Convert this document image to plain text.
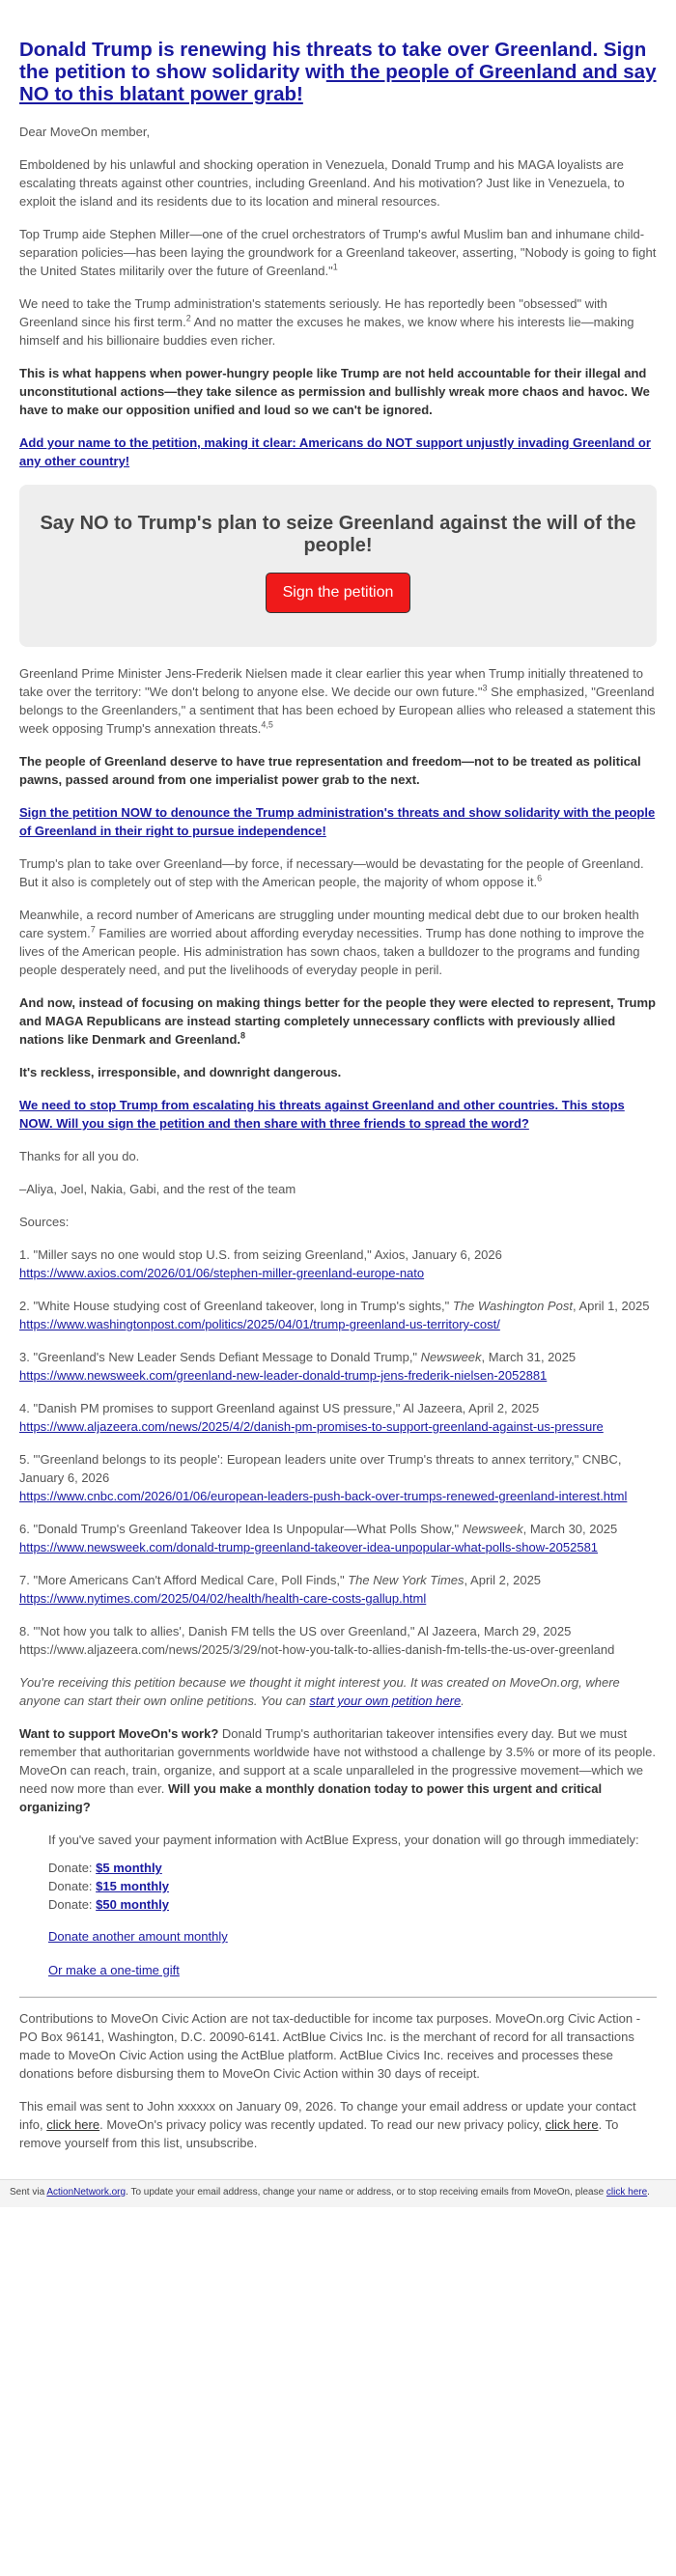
Donald Trump is renewing his threats to take over Greenland. Sign the petition to show solidarity with the people of Greenland and say NO to this blatant power grab!

Dear MoveOn member,

Emboldened by his unlawful and shocking operation in Venezuela, Donald Trump and his MAGA loyalists are escalating threats against other countries, including Greenland. And his motivation? Just like in Venezuela, to exploit the island and its residents due to its location and mineral resources.

Top Trump aide Stephen Miller—one of the cruel orchestrators of Trump's awful Muslim ban and inhumane child-separation policies—has been laying the groundwork for a Greenland takeover, asserting, "Nobody is going to fight the United States militarily over the future of Greenland."$^1$

We need to take the Trump administration's statements seriously. He has reportedly been "obsessed" with Greenland since his first term.$^2$ And no matter the excuses he makes, we know where his interests lie—making himself and his billionaire buddies even richer.

This is what happens when power-hungry people like Trump are not held accountable for their illegal and unconstitutional actions—they take silence as permission and bullishly wreak more chaos and havoc. We have to make our opposition unified and loud so we can't be ignored.

Add your name to the petition, making it clear: Americans do NOT support unjustly invading Greenland or any other country!

Say NO to Trump's plan to seize Greenland against the will of the people!
Sign the petition

Greenland Prime Minister Jens-Frederik Nielsen made it clear earlier this year when Trump initially threatened to take over the territory: "We don't belong to anyone else. We decide our own future."$^3$ She emphasized, "Greenland belongs to the Greenlanders," a sentiment that has been echoed by European allies who released a statement this week opposing Trump's annexation threats.$^{4,5}$

The people of Greenland deserve to have true representation and freedom—not to be treated as political pawns, passed around from one imperialist power grab to the next.

Sign the petition NOW to denounce the Trump administration's threats and show solidarity with the people of Greenland in their right to pursue independence!

Trump's plan to take over Greenland—by force, if necessary—would be devastating for the people of Greenland. But it also is completely out of step with the American people, the majority of whom oppose it.$^6$

Meanwhile, a record number of Americans are struggling under mounting medical debt due to our broken health care system.$^7$ Families are worried about affording everyday necessities. Trump has done nothing to improve the lives of the American people. His administration has sown chaos, taken a bulldozer to the programs and funding people desperately need, and put the livelihoods of everyday people in peril.

And now, instead of focusing on making things better for the people they were elected to represent, Trump and MAGA Republicans are instead starting completely unnecessary conflicts with previously allied nations like Denmark and Greenland.$^8$

It's reckless, irresponsible, and downright dangerous.

We need to stop Trump from escalating his threats against Greenland and other countries. This stops NOW. Will you sign the petition and then share with three friends to spread the word?

Thanks for all you do.

–Aliya, Joel, Nakia, Gabi, and the rest of the team

Sources:

1. "Miller says no one would stop U.S. from seizing Greenland," Axios, January 6, 2026
https://www.axios.com/2026/01/06/stephen-miller-greenland-europe-nato

2. "White House studying cost of Greenland takeover, long in Trump's sights," The Washington Post, April 1, 2025
https://www.washingtonpost.com/politics/2025/04/01/trump-greenland-us-territory-cost/

3. "Greenland's New Leader Sends Defiant Message to Donald Trump," Newsweek, March 31, 2025
https://www.newsweek.com/greenland-new-leader-donald-trump-jens-frederik-nielsen-2052881

4. "Danish PM promises to support Greenland against US pressure," Al Jazeera, April 2, 2025
https://www.aljazeera.com/news/2025/4/2/danish-pm-promises-to-support-greenland-against-us-pressure

5. "'Greenland belongs to its people': European leaders unite over Trump's threats to annex territory," CNBC, January 6, 2026
https://www.cnbc.com/2026/01/06/european-leaders-push-back-over-trumps-renewed-greenland-interest.html

6. "Donald Trump's Greenland Takeover Idea Is Unpopular—What Polls Show," Newsweek, March 30, 2025
https://www.newsweek.com/donald-trump-greenland-takeover-idea-unpopular-what-polls-show-2052581

7. "More Americans Can't Afford Medical Care, Poll Finds," The New York Times, April 2, 2025
https://www.nytimes.com/2025/04/02/health/health-care-costs-gallup.html

8. "'Not how you talk to allies', Danish FM tells the US over Greenland," Al Jazeera, March 29, 2025
https://www.aljazeera.com/news/2025/3/29/not-how-you-talk-to-allies-danish-fm-tells-the-us-over-greenland

You're receiving this petition because we thought it might interest you. It was created on MoveOn.org, where anyone can start their own online petitions. You can start your own petition here.

Want to support MoveOn's work? Donald Trump's authoritarian takeover intensifies every day. But we must remember that authoritarian governments worldwide have not withstood a challenge by 3.5% or more of its people. MoveOn can reach, train, organize, and support at a scale unparalleled in the progressive movement—which we need now more than ever. Will you make a monthly donation today to power this urgent and critical organizing?

If you've saved your payment information with ActBlue Express, your donation will go through immediately:

Donate: $5 monthly

Donate: $15 monthly

Donate: $50 monthly

Donate another amount monthly

Or make a one-time gift

Contributions to MoveOn Civic Action are not tax-deductible for income tax purposes. MoveOn.org Civic Action - PO Box 96141, Washington, D.C. 20090-6141. ActBlue Civics Inc. is the merchant of record for all transactions made to MoveOn Civic Action using the ActBlue platform. ActBlue Civics Inc. receives and processes these donations before disbursing them to MoveOn Civic Action within 30 days of receipt.

This email was sent to John xxxxxx on January 09, 2026. To change your email address or update your contact info, click here. MoveOn's privacy policy was recently updated. To read our new privacy policy, click here. To remove yourself from this list, unsubscribe.

Sent via ActionNetwork.org. To update your email address, change your name or address, or to stop receiving emails from MoveOn, please click here.
